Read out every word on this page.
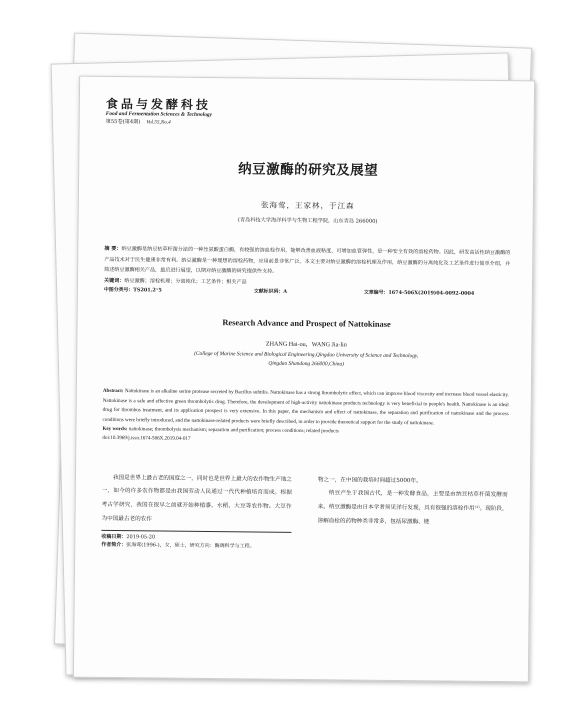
食品与发酵科技
Food and Fermentation Sciences & Technology
第55卷(第4期) Vol.55,No.4
纳豆激酶的研究及展望
张海莺，王家林，于江森
(青岛科技大学海洋科学与生物工程学院，山东青岛 266000)
摘 要：纳豆激酶是纳豆枯草杆菌分泌的一种丝氨酸蛋白酶，有较强的溶血栓作用，能够改善血液粘度，可增加血管弹性，是一种安全有效的溶栓药物。因此，研发高活性纳豆激酶的产品技术对于民生健康非常有利。纳豆激酶是一种理想的溶栓药物，应用前景非常广泛。本文主要对纳豆激酶的溶栓机理及作用，纳豆激酶的分离纯化及工艺条件进行简单介绍，并简述纳豆激酶相关产品，最后进行展望，以期对纳豆激酶的研究提供些支持。
关键词：纳豆激酶；溶栓机理；分离纯化；工艺条件；相关产品
中图分类号：TS201.2⁺5	文献标识码：A	文章编号：1674-506X(2019)04-0092-0004
Research Advance and Prospect of Nattokinase
ZHANG Hai-ou，WANG Jia-lin
(College of Marine Science and Biological Engineering,Qingdao University of Science and Technology,
Qingdao Shandong 266000,China)
Abstract: Nattokinase is an alkaline serine protease secreted by Bacillus subtilis. Nattokinase has a strong thrombolytic effect, which can improve blood viscosity and increase blood vessel elasticity. Nattokinase is a safe and effective green thrombolytic drug. Therefore, the development of high-activity nattokinase products technology is very beneficial to people's health. Nattokinase is an ideal drug for thrombus treatment, and its application prospect is very extensive. In this paper, the mechanism and effect of nattokinase, the separation and purification of nattokinase and the process conditions were briefly introduced, and the nattokinase-related products were briefly described, in order to provide theoretical support for the study of nattokinase.
Key words: nattokinase; thrombolysis mechanism; separation and purification; process conditions; related products
doi:10.3969/j.issn.1674-506X.2019.04-017

我国是世界上最古老的国度之一，同时也是世界上最大的农作物生产地之一，如今的许多农作物都是由我国劳动人民通过一代代种植培育而成。根据考古学研究，我国在很早之前就开始种植黍、水稻、大豆等农作物。大豆作为中国最古老的农作

收稿日期：2019-05-20
作者简介：张海莺(1996-)，女，硕士，研究方向：酶调科学与工程。

物之一，在中国的栽培时间超过5000年。

纳豆产生于我国古代，是一种发酵食品，主要是由纳豆枯草杆菌发酵而来。纳豆激酶是由日本学者须见洋行发现，具有很强的溶栓作用⁽¹⁾。现阶段，溶解血栓的药物种类非常多，包括尿激酶、链
